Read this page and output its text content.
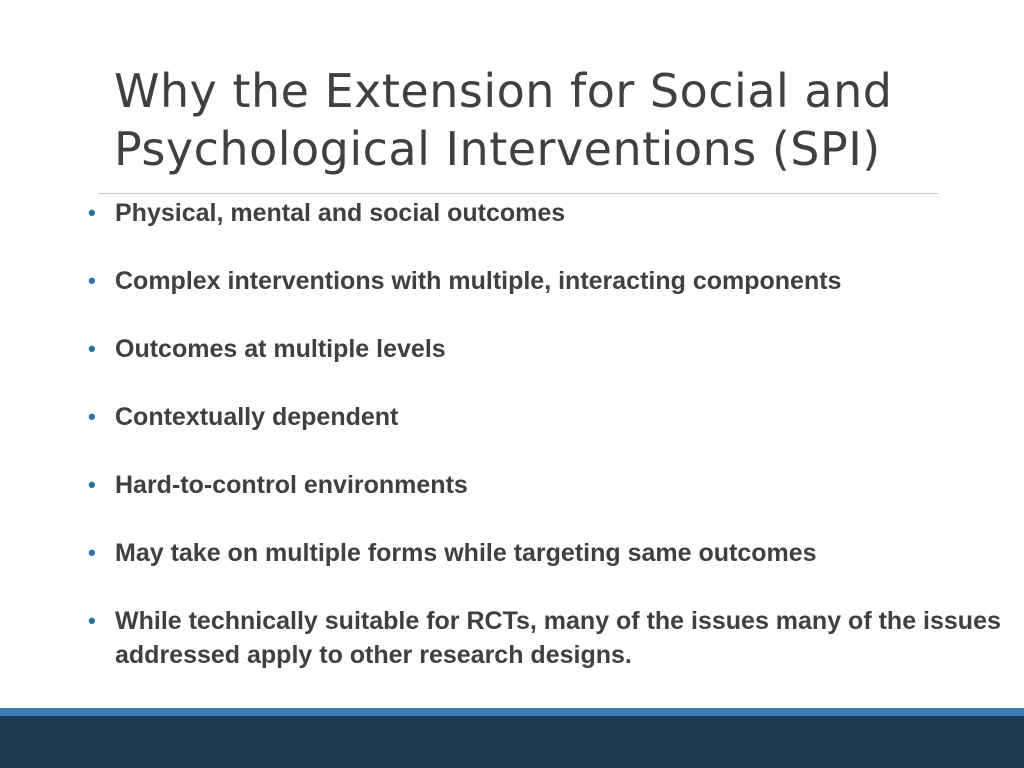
Why the Extension for Social and
Psychological Interventions (SPI)
• Physical, mental and social outcomes
• Complex interventions with multiple, interacting components
• Outcomes at multiple levels
• Contextually dependent
• Hard-to-control environments
• May take on multiple forms while targeting same outcomes
• While technically suitable for RCTs, many of the issues many of the issues addressed apply to other research designs.
